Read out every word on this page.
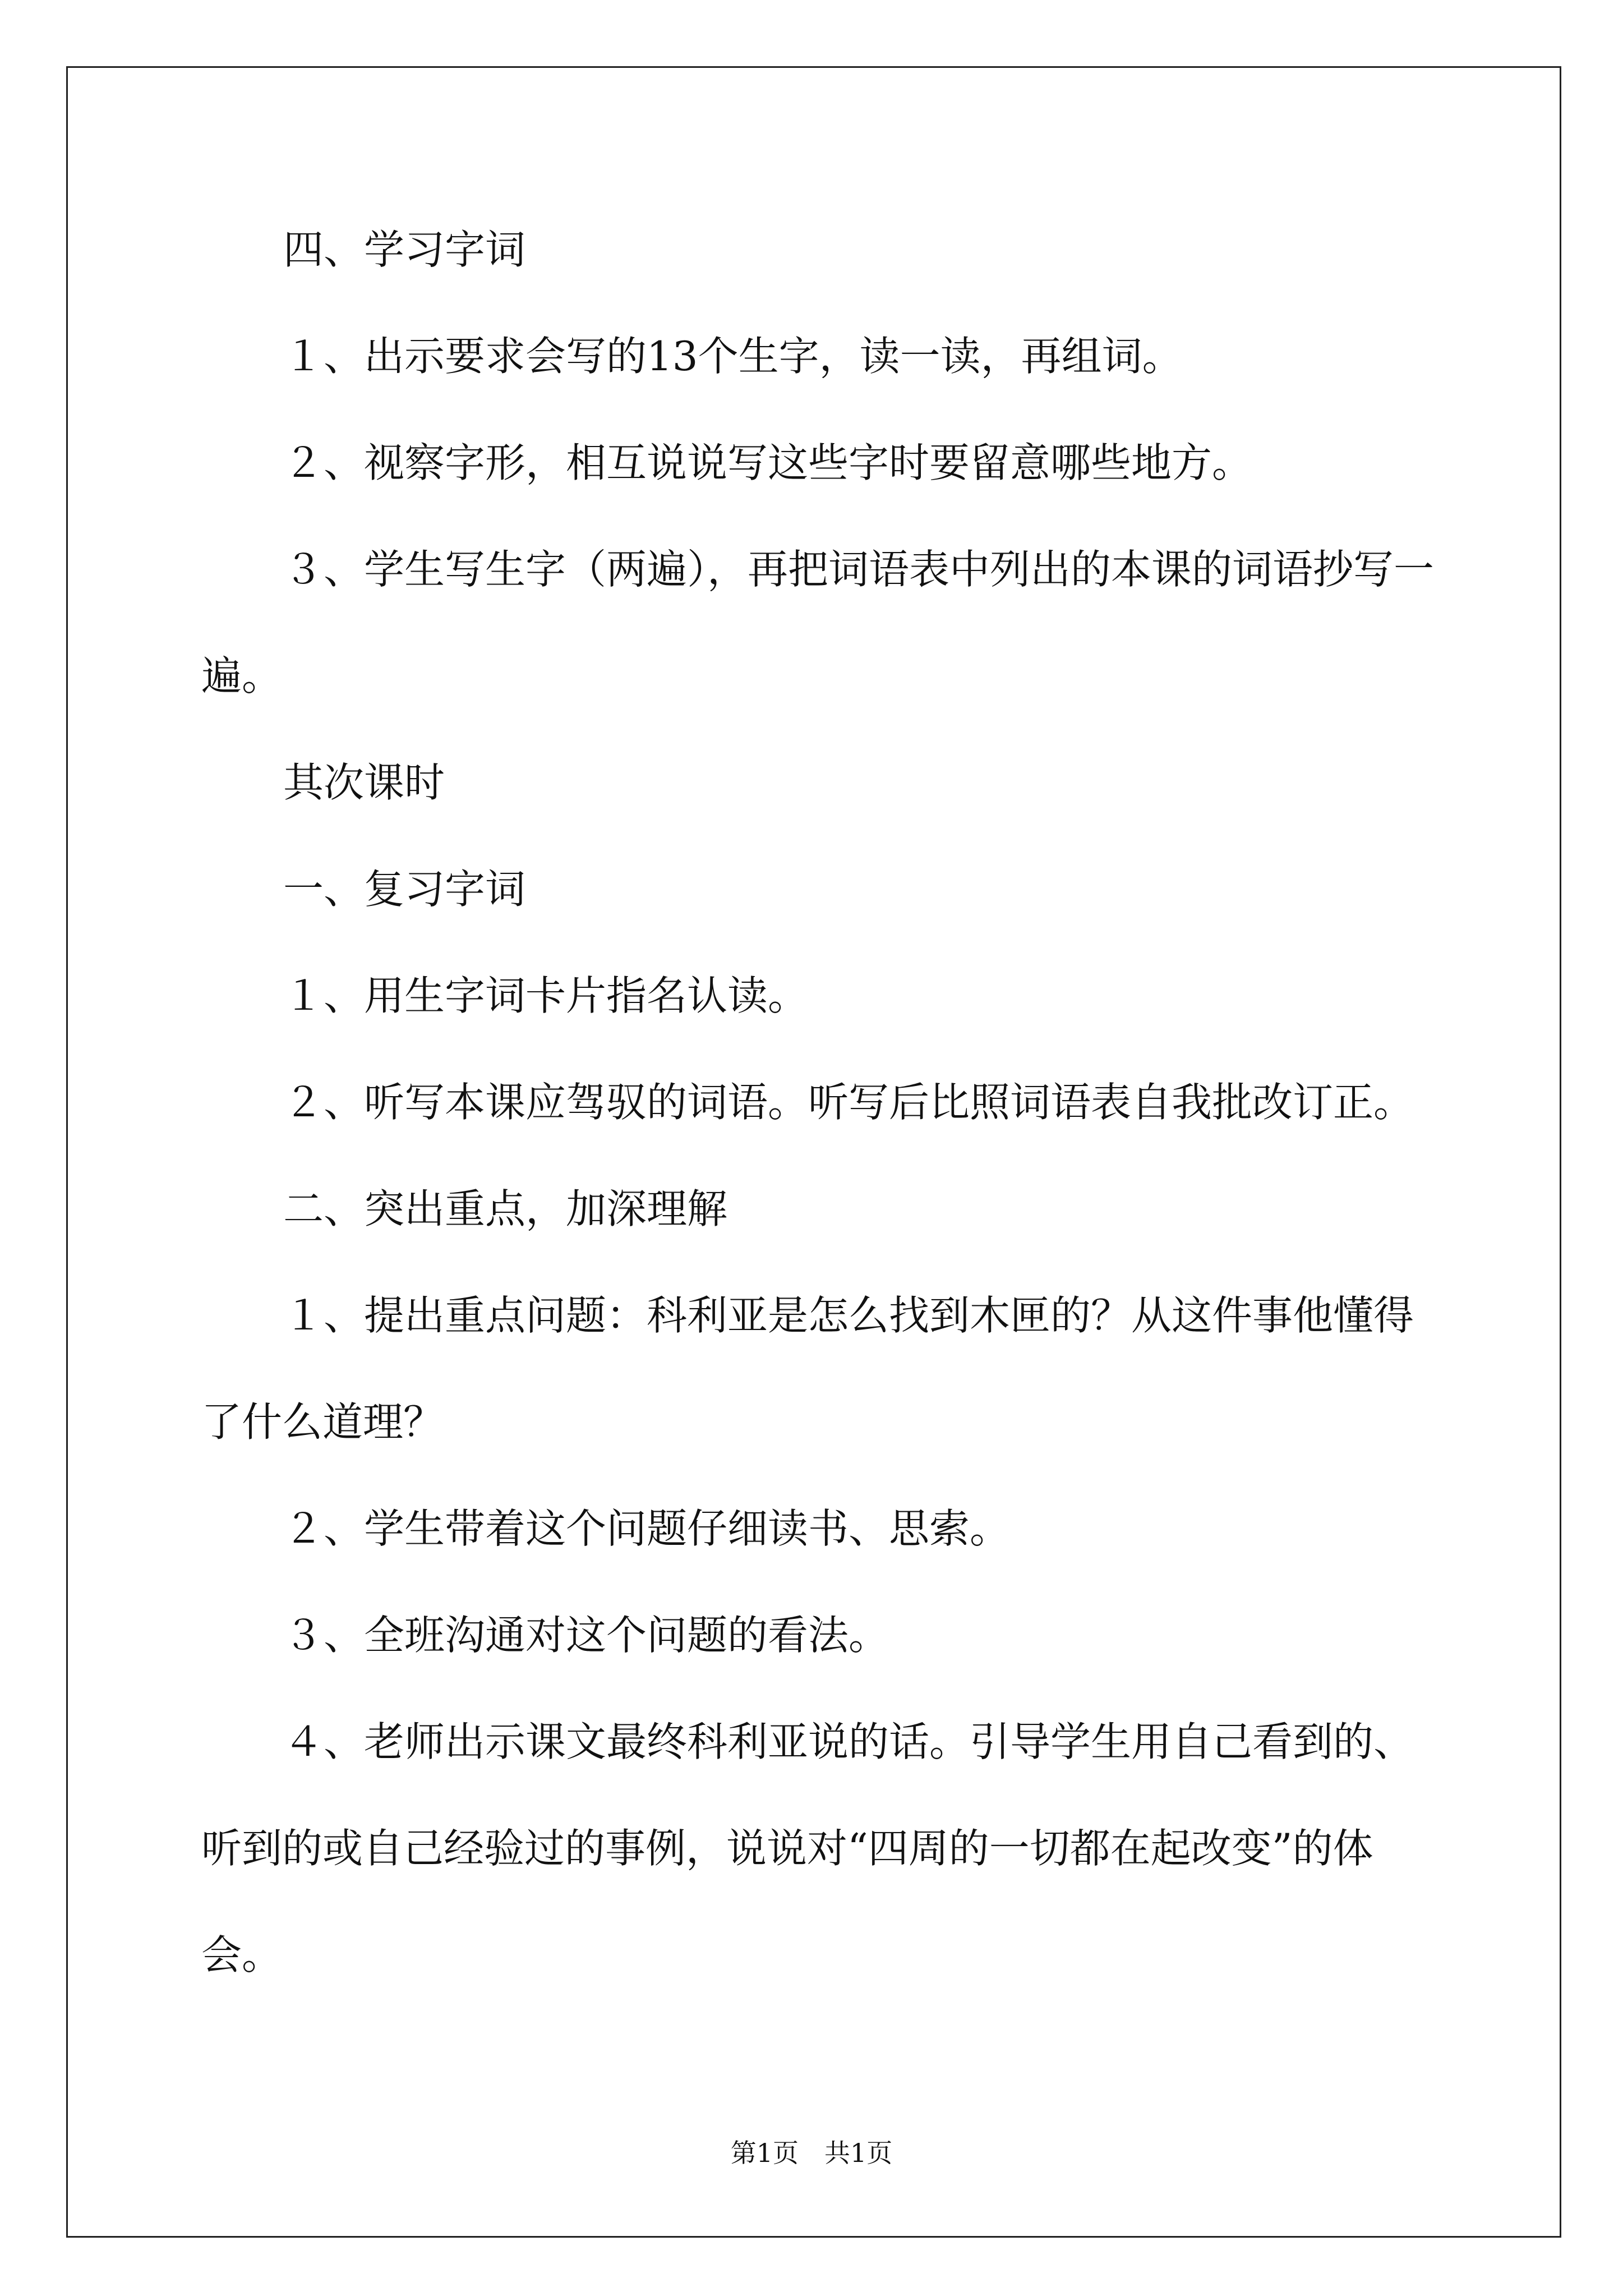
四、学习字词
１、出示要求会写的13个生字，读一读，再组词。
２、视察字形，相互说说写这些字时要留意哪些地方。
３、学生写生字（两遍），再把词语表中列出的本课的词语抄写一
遍。
其次课时
一、复习字词
１、用生字词卡片指名认读。
２、听写本课应驾驭的词语。听写后比照词语表自我批改订正。
二、突出重点，加深理解
１、提出重点问题：科利亚是怎么找到木匣的？从这件事他懂得
了什么道理？
２、学生带着这个问题仔细读书、思索。
３、全班沟通对这个问题的看法。
４、老师出示课文最终科利亚说的话。引导学生用自己看到的、
听到的或自己经验过的事例，说说对“四周的一切都在起改变”的体
会。
第1页 共1页
